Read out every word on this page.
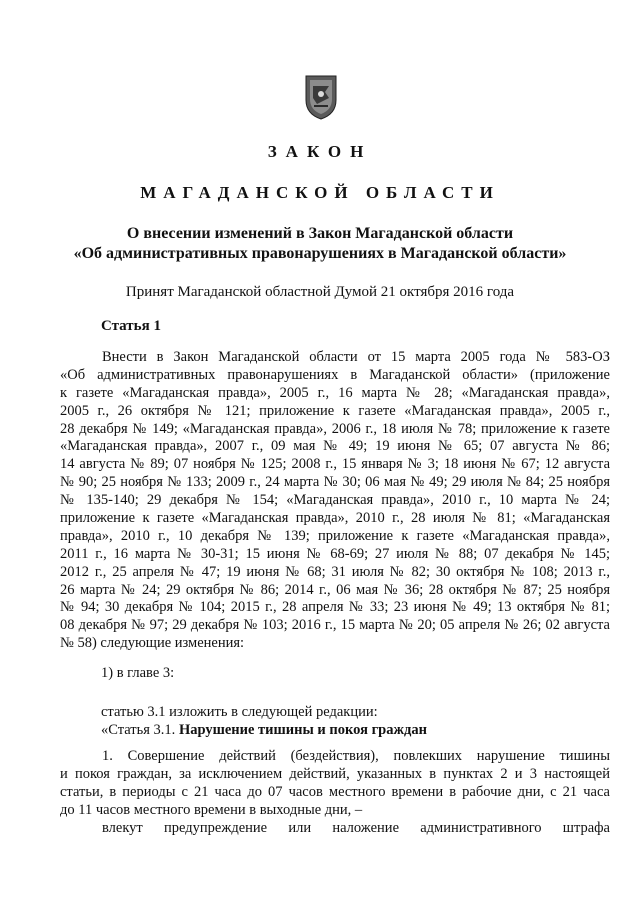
ЗАКОН
МАГАДАНСКОЙ ОБЛАСТИ
О внесении изменений в Закон Магаданской области
«Об административных правонарушениях в Магаданской области»
Принят Магаданской областной Думой 21 октября 2016 года
Статья 1
Внести в Закон Магаданской области от 15 марта 2005 года № 583-ОЗ
«Об административных правонарушениях в Магаданской области» (приложение
к газете «Магаданская правда», 2005 г., 16 марта № 28; «Магаданская правда»,
2005 г., 26 октября № 121; приложение к газете «Магаданская правда», 2005 г.,
28 декабря № 149; «Магаданская правда», 2006 г., 18 июля № 78; приложение к газете
«Магаданская правда», 2007 г., 09 мая № 49; 19 июня № 65; 07 августа № 86;
14 августа № 89; 07 ноября № 125; 2008 г., 15 января № 3; 18 июня № 67; 12 августа
№ 90; 25 ноября № 133; 2009 г., 24 марта № 30; 06 мая № 49; 29 июля № 84; 25 ноября
№ 135-140; 29 декабря № 154; «Магаданская правда», 2010 г., 10 марта № 24;
приложение к газете «Магаданская правда», 2010 г., 28 июля № 81; «Магаданская
правда», 2010 г., 10 декабря № 139; приложение к газете «Магаданская правда»,
2011 г., 16 марта № 30-31; 15 июня № 68-69; 27 июля № 88; 07 декабря № 145;
2012 г., 25 апреля № 47; 19 июня № 68; 31 июля № 82; 30 октября № 108; 2013 г.,
26 марта № 24; 29 октября № 86; 2014 г., 06 мая № 36; 28 октября № 87; 25 ноября
№ 94; 30 декабря № 104; 2015 г., 28 апреля № 33; 23 июня № 49; 13 октября № 81;
08 декабря № 97; 29 декабря № 103; 2016 г., 15 марта № 20; 05 апреля № 26; 02 августа
№ 58) следующие изменения:
1) в главе 3:
статью 3.1 изложить в следующей редакции:
«Статья 3.1. Нарушение тишины и покоя граждан
1. Совершение действий (бездействия), повлекших нарушение тишины
и покоя граждан, за исключением действий, указанных в пунктах 2 и 3 настоящей
статьи, в периоды с 21 часа до 07 часов местного времени в рабочие дни, с 21 часа
до 11 часов местного времени в выходные дни, –
влекут предупреждение или наложение административного штрафа
